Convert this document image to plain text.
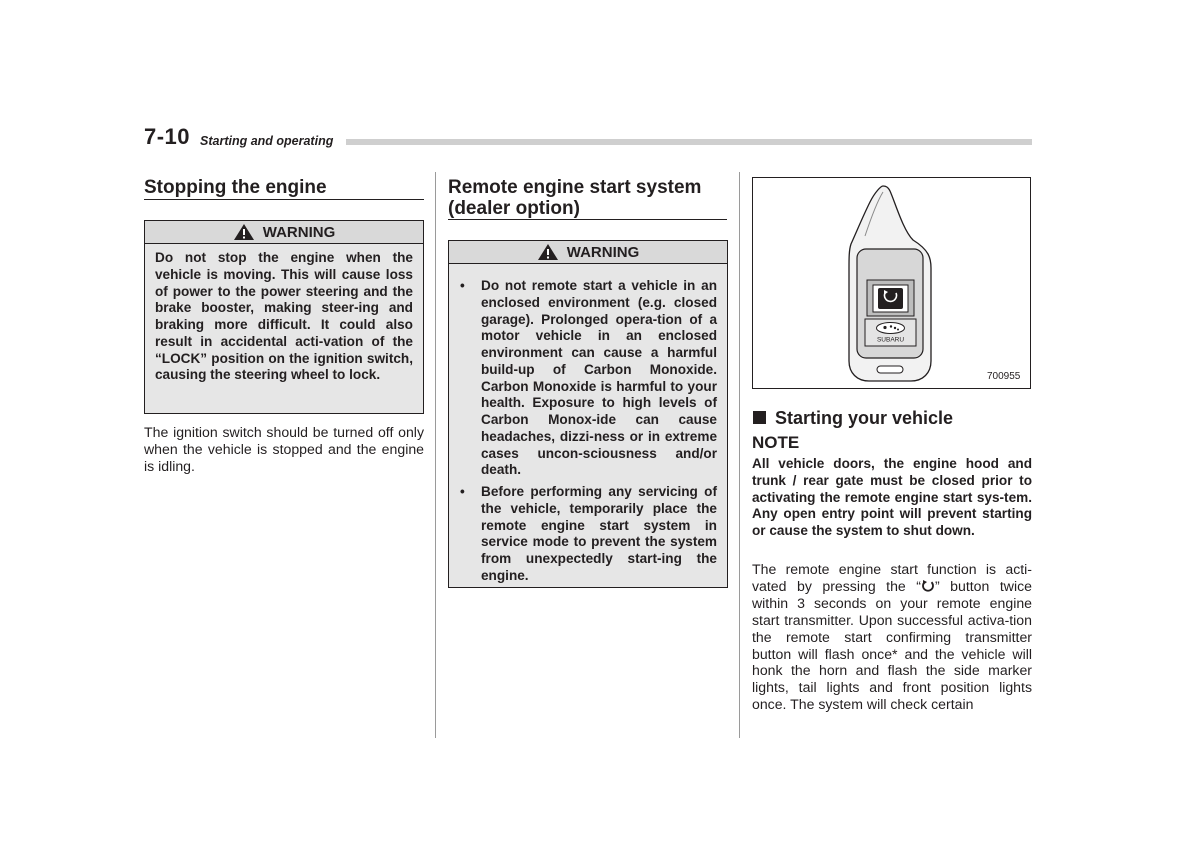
7-10 Starting and operating
Stopping the engine
WARNING
Do not stop the engine when the vehicle is moving. This will cause loss of power to the power steering and the brake booster, making steer-ing and braking more difficult. It could also result in accidental acti-vation of the “LOCK” position on the ignition switch, causing the steering wheel to lock.
The ignition switch should be turned off only when the vehicle is stopped and the engine is idling.
Remote engine start system
(dealer option)
WARNING
• Do not remote start a vehicle in an enclosed environment (e.g. closed garage). Prolonged opera-tion of a motor vehicle in an enclosed environment can cause a harmful build-up of Carbon Monoxide. Carbon Monoxide is harmful to your health. Exposure to high levels of Carbon Monox-ide can cause headaches, dizzi-ness or in extreme cases uncon-sciousness and/or death.
• Before performing any servicing of the vehicle, temporarily place the remote engine start system in service mode to prevent the system from unexpectedly start-ing the engine.
SUBARU
700955
Starting your vehicle
NOTE
All vehicle doors, the engine hood and trunk / rear gate must be closed prior to activating the remote engine start sys-tem. Any open entry point will prevent starting or cause the system to shut down.
The remote engine start function is acti-vated by pressing the “ ” button twice within 3 seconds on your remote engine start transmitter. Upon successful activa-tion the remote start confirming transmitter button will flash once* and the vehicle will honk the horn and flash the side marker lights, tail lights and front position lights once. The system will check certain
